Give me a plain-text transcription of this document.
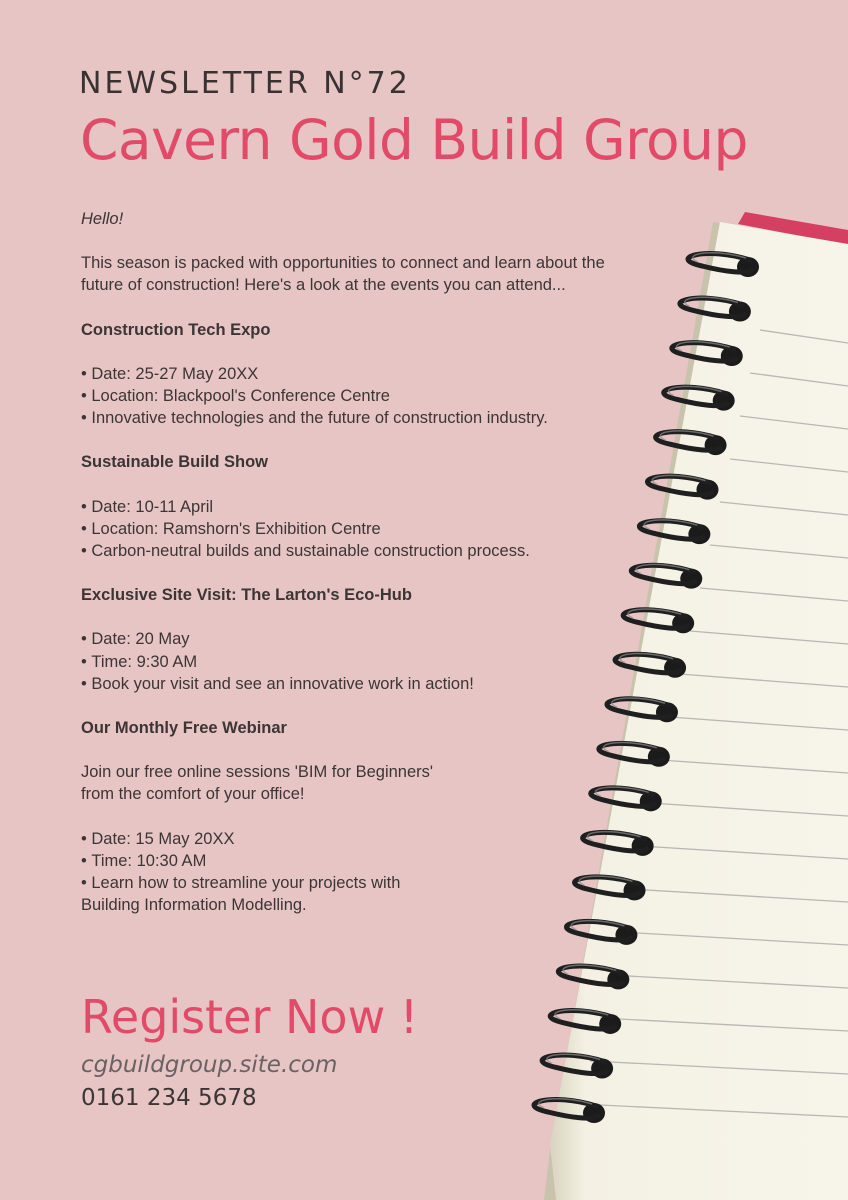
NEWSLETTER N°72
Cavern Gold Build Group

Hello!

This season is packed with opportunities to connect and learn about the future of construction! Here's a look at the events you can attend...

Construction Tech Expo

• Date: 25-27 May 20XX
• Location: Blackpool's Conference Centre
• Innovative technologies and the future of construction industry.

Sustainable Build Show

• Date: 10-11 April
• Location: Ramshorn's Exhibition Centre
• Carbon-neutral builds and sustainable construction process.

Exclusive Site Visit: The Larton's Eco-Hub

• Date: 20 May
• Time: 9:30 AM
• Book your visit and see an innovative work in action!

Our Monthly Free Webinar

Join our free online sessions 'BIM for Beginners'

from the comfort of your office!

• Date: 15 May 20XX
• Time: 10:30 AM
• Learn how to streamline your projects with Building Information Modelling.
Register Now !
cgbuildgroup.site.com
0161 234 5678
